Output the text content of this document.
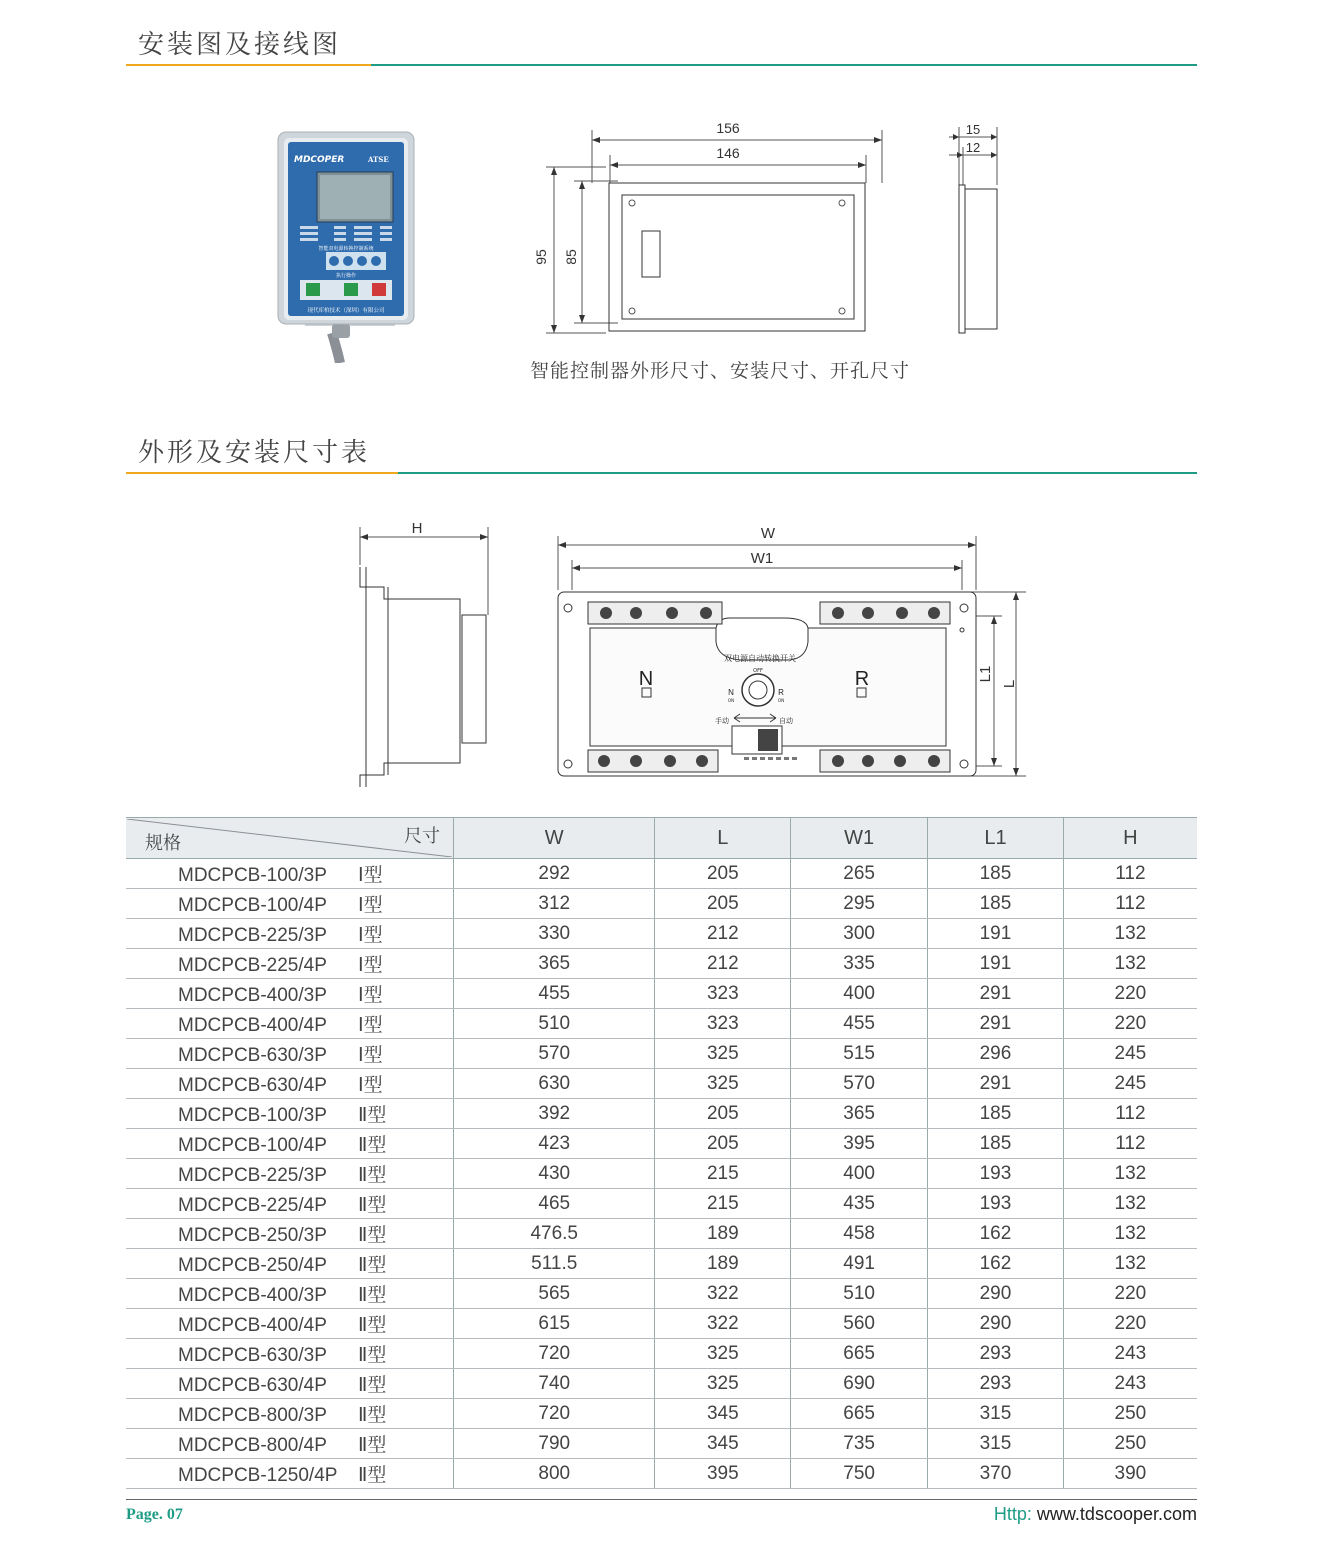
安装图及接线图
MDCOPER	ATSE
智能双电源转换控制系统
执行操作
现代库柏技术（深圳）有限公司
156
146
95 85
15
12
智能控制器外形尺寸、安装尺寸、开孔尺寸
外形及安装尺寸表
H	W
W1
L
L1
双电源自动转换开关
N	R
OFF
N	R
ON	ON
手动	自动
规格 尺寸	W	L	W1	L1	H
MDCPCB-100/3P Ⅰ型	292	205	265	185	112
MDCPCB-100/4P Ⅰ型	312	205	295	185	112
MDCPCB-225/3P Ⅰ型	330	212	300	191	132
MDCPCB-225/4P Ⅰ型	365	212	335	191	132
MDCPCB-400/3P Ⅰ型	455	323	400	291	220
MDCPCB-400/4P Ⅰ型	510	323	455	291	220
MDCPCB-630/3P Ⅰ型	570	325	515	296	245
MDCPCB-630/4P Ⅰ型	630	325	570	291	245
MDCPCB-100/3P Ⅱ型	392	205	365	185	112
MDCPCB-100/4P Ⅱ型	423	205	395	185	112
MDCPCB-225/3P Ⅱ型	430	215	400	193	132
MDCPCB-225/4P Ⅱ型	465	215	435	193	132
MDCPCB-250/3P Ⅱ型	476.5	189	458	162	132
MDCPCB-250/4P Ⅱ型	511.5	189	491	162	132
MDCPCB-400/3P Ⅱ型	565	322	510	290	220
MDCPCB-400/4P Ⅱ型	615	322	560	290	220
MDCPCB-630/3P Ⅱ型	720	325	665	293	243
MDCPCB-630/4P Ⅱ型	740	325	690	293	243
MDCPCB-800/3P Ⅱ型	720	345	665	315	250
MDCPCB-800/4P Ⅱ型	790	345	735	315	250
MDCPCB-1250/4P Ⅱ型	800	395	750	370	390
Page. 07	Http: www.tdscooper.com
